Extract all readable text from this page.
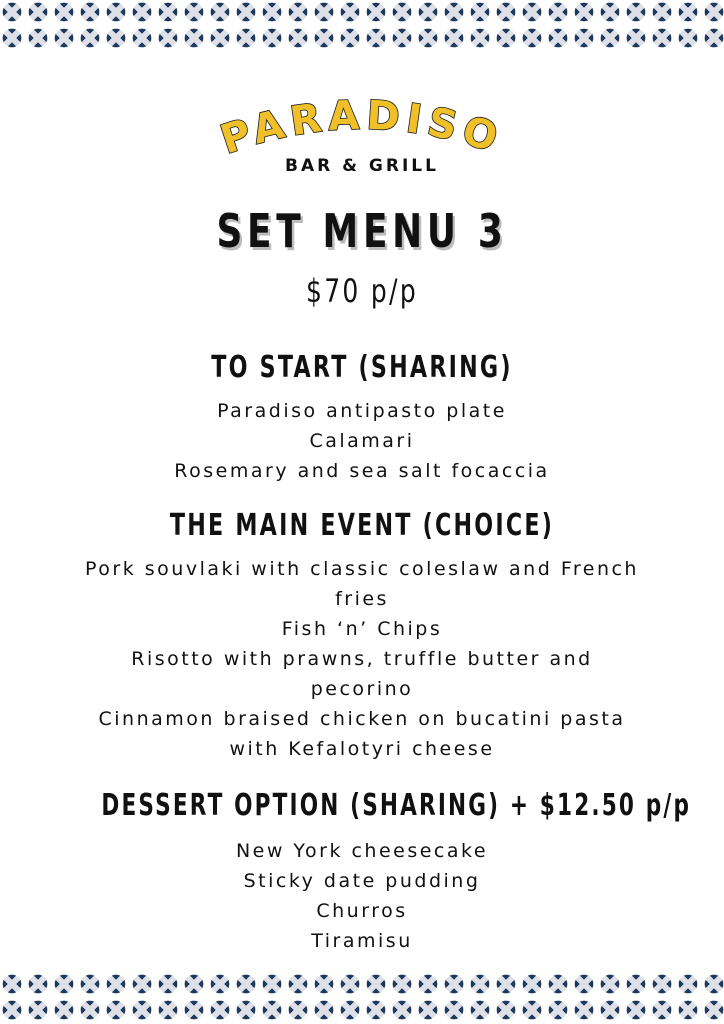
PARADISO
BAR & GRILL
SET MENU 3
$70 p/p
TO START (SHARING)
Paradiso antipasto plate
Calamari
Rosemary and sea salt focaccia
THE MAIN EVENT (CHOICE)
Pork souvlaki with classic coleslaw and French fries
Fish ‘n’ Chips
Risotto with prawns, truffle butter and pecorino
Cinnamon braised chicken on bucatini pasta with Kefalotyri cheese
DESSERT OPTION (SHARING) + $12.50 p/p
New York cheesecake
Sticky date pudding
Churros
Tiramisu
